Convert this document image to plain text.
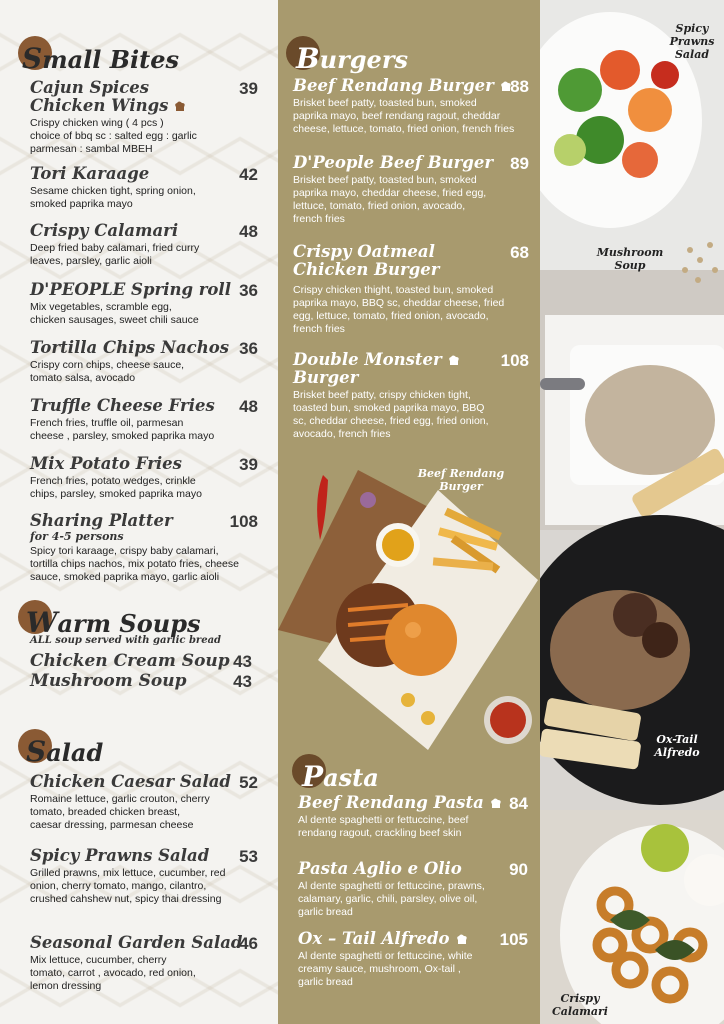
Small Bites
Cajun Spices
Chicken Wings
39
Crispy chicken wing ( 4 pcs )
choice of bbq sc : salted egg : garlic
parmesan : sambal MBEH
Tori Karaage	42
Sesame chicken tight, spring onion,
smoked paprika mayo
Crispy Calamari	48
Deep fried baby calamari, fried curry
leaves, parsley, garlic aioli
D'PEOPLE Spring roll 36
Mix vegetables, scramble egg,
chicken sausages, sweet chili sauce
Tortilla Chips Nachos 36
Crispy corn chips, cheese sauce,
tomato salsa, avocado
Truffle Cheese Fries	48
French fries, truffle oil, parmesan
cheese , parsley, smoked paprika mayo
Mix Potato Fries	39
French fries, potato wedges, crinkle
chips, parsley, smoked paprika mayo
Sharing Platter
for 4-5 persons
108
Spicy tori karaage, crispy baby calamari,
tortilla chips nachos, mix potato fries, cheese
sauce, smoked paprika mayo, garlic aioli
Warm Soups
ALL soup served with garlic bread
Chicken Cream Soup 43
Mushroom Soup	43
Salad
Chicken Caesar Salad 52
Romaine lettuce, garlic crouton, cherry
tomato, breaded chicken breast,
caesar dressing, parmesan cheese
Spicy Prawns Salad	53
Grilled prawns, mix lettuce, cucumber, red
onion, cherry tomato, mango, cilantro,
crushed cahshew nut, spicy thai dressing
Seasonal Garden Salad
46
Mix lettuce, cucumber, cherry
tomato, carrot , avocado, red onion,
lemon dressing
Burgers
Beef Rendang Burger 88
Brisket beef patty, toasted bun, smoked
paprika mayo, beef rendang ragout, cheddar
cheese, lettuce, tomato, fried onion, french fries
D'People Beef Burger	89
Brisket beef patty, toasted bun, smoked
paprika mayo, cheddar cheese, fried egg,
lettuce, tomato, fried onion, avocado,
french fries
Crispy Oatmeal
Chicken Burger
68
Crispy chicken thight, toasted bun, smoked
paprika mayo, BBQ sc, cheddar cheese, fried
egg, lettuce, tomato, fried onion, avocado,
french fries
Double Monster
Burger
108
Brisket beef patty, crispy chicken tight,
toasted bun, smoked paprika mayo, BBQ
sc, cheddar cheese, fried egg, fried onion,
avocado, french fries
Beef Rendang
Burger
Pasta
Beef Rendang Pasta	84
Al dente spaghetti or fettuccine, beef
rendang ragout, crackling beef skin
Pasta Aglio e Olio	90
Al dente spaghetti or fettuccine, prawns,
calamary, garlic, chili, parsley, olive oil,
garlic bread
Ox – Tail Alfredo	105
Al dente spaghetti or fettuccine, white
creamy sauce, mushroom, Ox-tail ,
garlic bread
Spicy
Prawns
Salad
Mushroom
Soup
Ox-Tail
Alfredo
Crispy
Calamari
